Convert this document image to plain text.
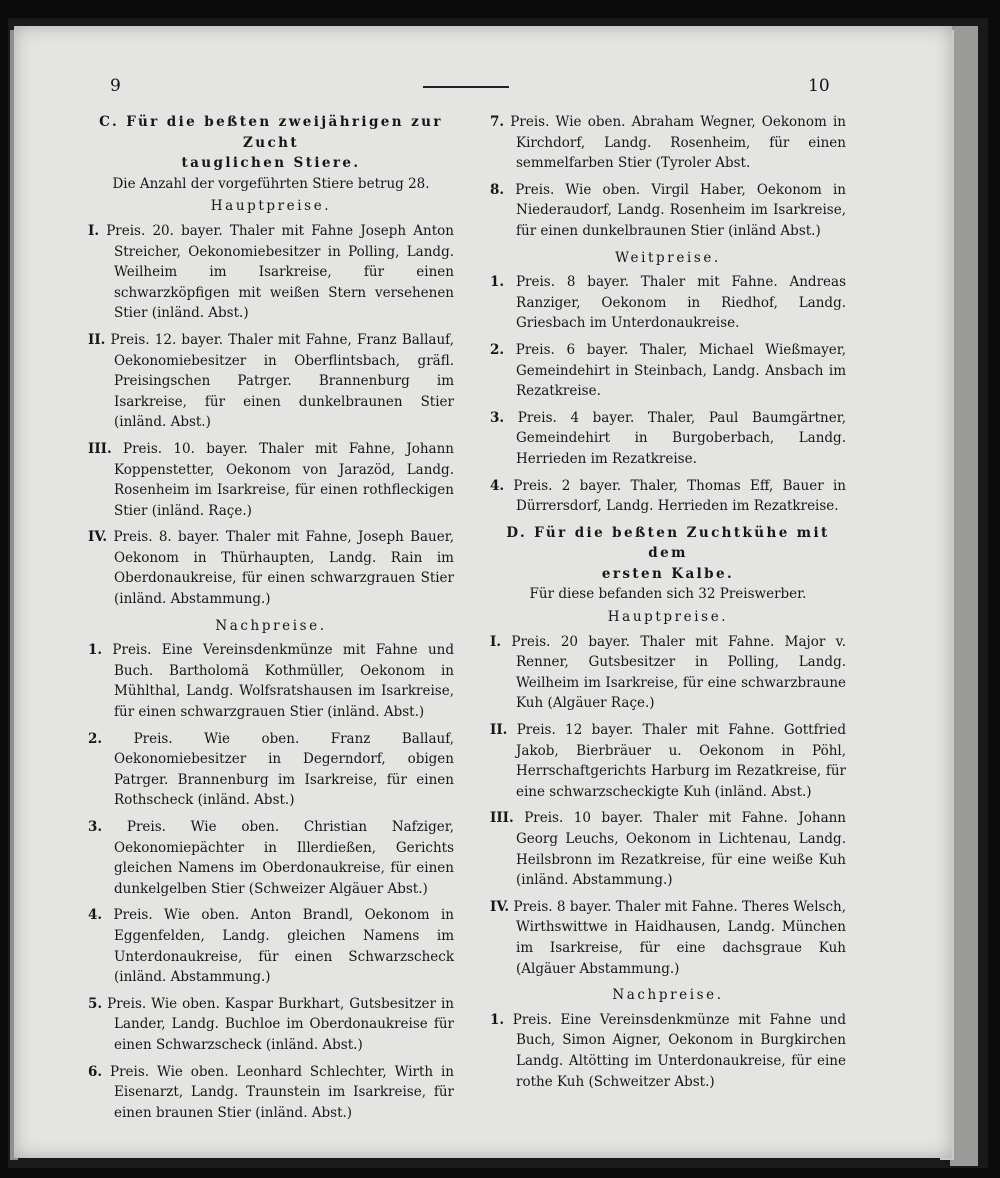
9	10

C. Für die beßten zweijährigen zur Zucht

tauglichen Stiere.

Die Anzahl der vorgeführten Stiere betrug 28.

Hauptpreise.

I. Preis. 20. bayer. Thaler mit Fahne Joseph Anton Streicher, Oekonomiebesitzer in Polling, Landg. Weilheim im Isarkreise, für einen schwarzköpfigen mit weißen Stern versehenen Stier (inländ. Abst.)

II. Preis. 12. bayer. Thaler mit Fahne, Franz Ballauf, Oekonomiebesitzer in Oberflintsbach, gräfl. Preisingschen Patrger. Brannenburg im Isarkreise, für einen dunkelbraunen Stier (inländ. Abst.)

III. Preis. 10. bayer. Thaler mit Fahne, Johann Koppenstetter, Oekonom von Jarazöd, Landg. Rosenheim im Isarkreise, für einen rothfleckigen Stier (inländ. Raçe.)

IV. Preis. 8. bayer. Thaler mit Fahne, Joseph Bauer, Oekonom in Thürhaupten, Landg. Rain im Oberdonaukreise, für einen schwarzgrauen Stier (inländ. Abstammung.)

Nachpreise.

1. Preis. Eine Vereinsdenkmünze mit Fahne und Buch. Bartholomä Kothmüller, Oekonom in Mühlthal, Landg. Wolfsratshausen im Isarkreise, für einen schwarzgrauen Stier (inländ. Abst.)

2. Preis. Wie oben. Franz Ballauf, Oekonomiebesitzer in Degerndorf, obigen Patrger. Brannenburg im Isarkreise, für einen Rothscheck (inländ. Abst.)

3. Preis. Wie oben. Christian Nafziger, Oekonomiepächter in Illerdießen, Gerichts gleichen Namens im Oberdonaukreise, für einen dunkelgelben Stier (Schweizer Algäuer Abst.)

4. Preis. Wie oben. Anton Brandl, Oekonom in Eggenfelden, Landg. gleichen Namens im Unterdonaukreise, für einen Schwarzscheck (inländ. Abstammung.)

5. Preis. Wie oben. Kaspar Burkhart, Gutsbesitzer in Lander, Landg. Buchloe im Oberdonaukreise für einen Schwarzscheck (inländ. Abst.)

6. Preis. Wie oben. Leonhard Schlechter, Wirth in Eisenarzt, Landg. Traunstein im Isarkreise, für einen braunen Stier (inländ. Abst.)

7. Preis. Wie oben. Abraham Wegner, Oekonom in Kirchdorf, Landg. Rosenheim, für einen semmelfarben Stier (Tyroler Abst.

8. Preis. Wie oben. Virgil Haber, Oekonom in Niederaudorf, Landg. Rosenheim im Isarkreise, für einen dunkelbraunen Stier (inländ Abst.)

Weitpreise.

1. Preis. 8 bayer. Thaler mit Fahne. Andreas Ranziger, Oekonom in Riedhof, Landg. Griesbach im Unterdonaukreise.

2. Preis. 6 bayer. Thaler, Michael Wießmayer, Gemeindehirt in Steinbach, Landg. Ansbach im Rezatkreise.

3. Preis. 4 bayer. Thaler, Paul Baumgärtner, Gemeindehirt in Burgoberbach, Landg. Herrieden im Rezatkreise.

4. Preis. 2 bayer. Thaler, Thomas Eff, Bauer in Dürrersdorf, Landg. Herrieden im Rezatkreise.

D. Für die beßten Zuchtkühe mit dem

ersten Kalbe.

Für diese befanden sich 32 Preiswerber.

Hauptpreise.

I. Preis. 20 bayer. Thaler mit Fahne. Major v. Renner, Gutsbesitzer in Polling, Landg. Weilheim im Isarkreise, für eine schwarzbraune Kuh (Algäuer Raçe.)

II. Preis. 12 bayer. Thaler mit Fahne. Gottfried Jakob, Bierbräuer u. Oekonom in Pöhl, Herrschaftgerichts Harburg im Rezatkreise, für eine schwarzscheckigte Kuh (inländ. Abst.)

III. Preis. 10 bayer. Thaler mit Fahne. Johann Georg Leuchs, Oekonom in Lichtenau, Landg. Heilsbronn im Rezatkreise, für eine weiße Kuh (inländ. Abstammung.)

IV. Preis. 8 bayer. Thaler mit Fahne. Theres Welsch, Wirthswittwe in Haidhausen, Landg. München im Isarkreise, für eine dachsgraue Kuh (Algäuer Abstammung.)

Nachpreise.

1. Preis. Eine Vereinsdenkmünze mit Fahne und Buch, Simon Aigner, Oekonom in Burgkirchen Landg. Altötting im Unterdonaukreise, für eine rothe Kuh (Schweitzer Abst.)
